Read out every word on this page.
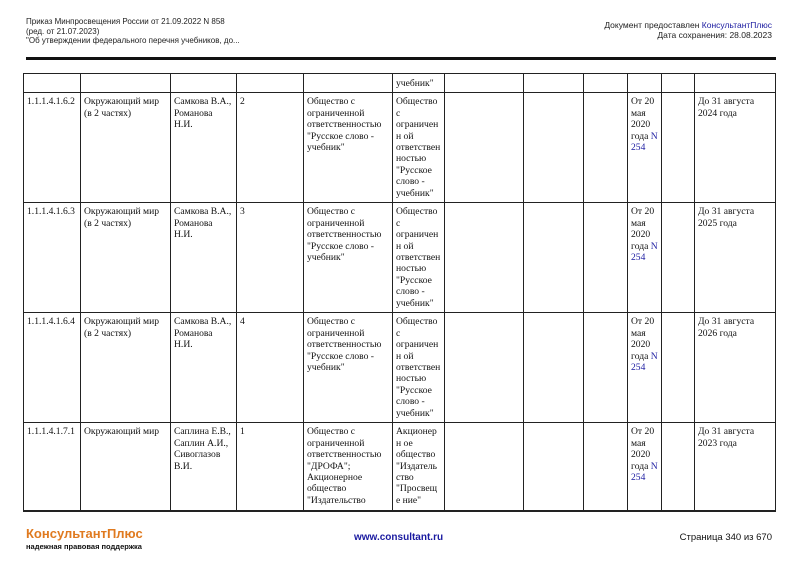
Приказ Минпросвещения России от 21.09.2022 N 858
(ред. от 21.07.2023)
"Об утверждении федерального перечня учебников, до...
Документ предоставлен КонсультантПлюс
Дата сохранения: 28.08.2023
					учебник"						
1.1.1.4.1.6.2	Окружающий мир (в 2 частях)	Самкова В.А., Романова Н.И.	2	Общество с ограниченной ответственностью "Русское слово - учебник"	Общество с ограниченн ой ответствен ностью "Русское слово - учебник"				От 20 мая 2020 года N 254		До 31 августа 2024 года
1.1.1.4.1.6.3	Окружающий мир (в 2 частях)	Самкова В.А., Романова Н.И.	3	Общество с ограниченной ответственностью "Русское слово - учебник"	Общество с ограниченн ой ответствен ностью "Русское слово - учебник"				От 20 мая 2020 года N 254		До 31 августа 2025 года
1.1.1.4.1.6.4	Окружающий мир (в 2 частях)	Самкова В.А., Романова Н.И.	4	Общество с ограниченной ответственностью "Русское слово - учебник"	Общество с ограниченн ой ответствен ностью "Русское слово - учебник"				От 20 мая 2020 года N 254		До 31 августа 2026 года
1.1.1.4.1.7.1	Окружающий мир	Саплина Е.В., Саплин А.И., Сивоглазов В.И.	1	Общество с ограниченной ответственностью "ДРОФА"; Акционерное общество "Издательство	Акционерн ое общество "Издатель ство "Просвеще ние"				От 20 мая 2020 года N 254		До 31 августа 2023 года
КонсультантПлюс
надежная правовая поддержка
www.consultant.ru	Страница 340 из 670
